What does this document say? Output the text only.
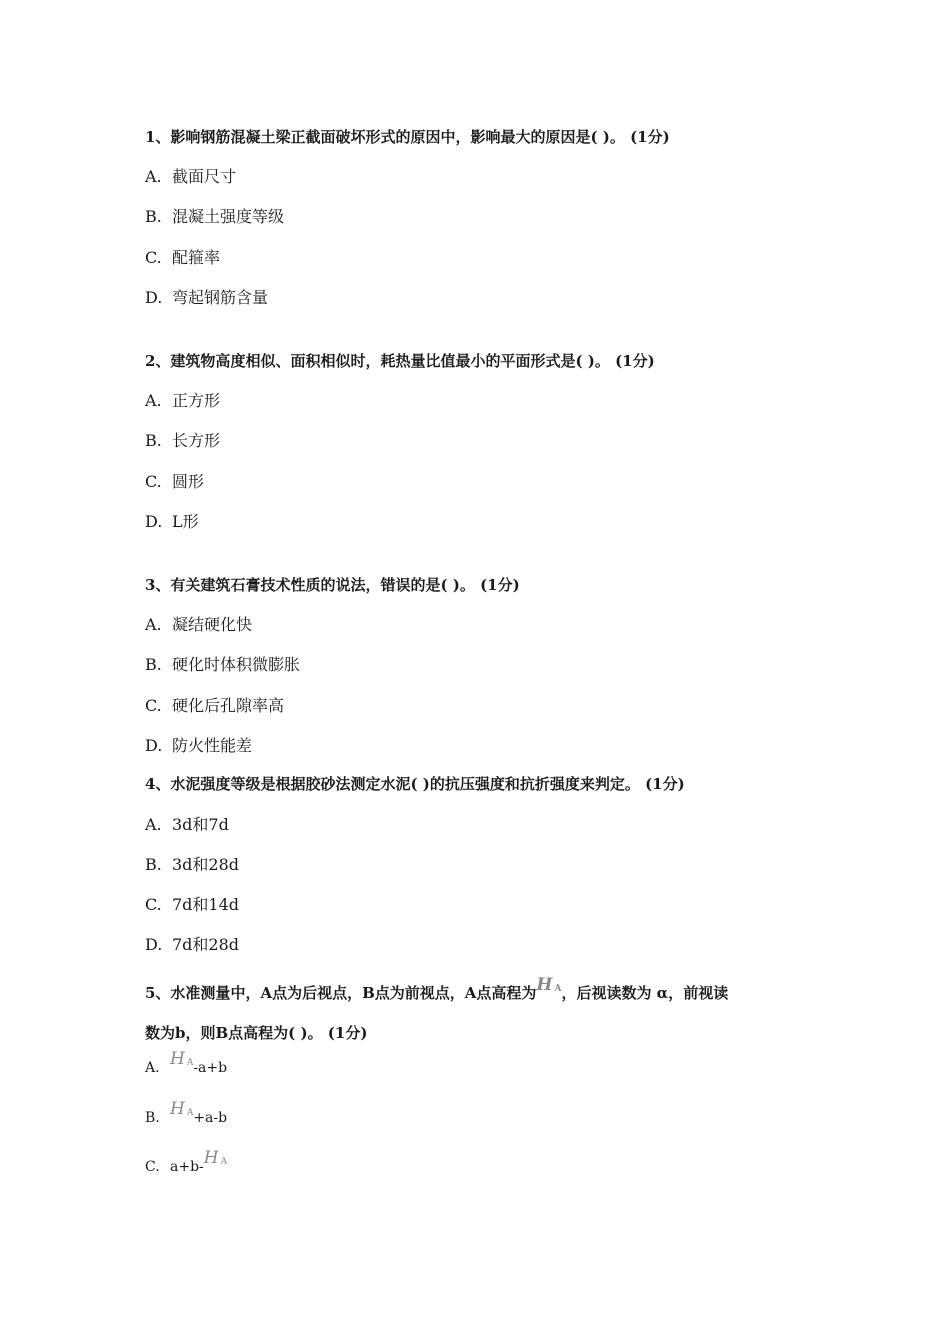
1、影响钢筋混凝土梁正截面破坏形式的原因中，影响最大的原因是( )。 (1分)
A. 截面尺寸
B. 混凝土强度等级
C. 配箍率
D. 弯起钢筋含量
2、建筑物高度相似、面积相似时，耗热量比值最小的平面形式是( )。 (1分)
A. 正方形
B. 长方形
C. 圆形
D. L形
3、有关建筑石膏技术性质的说法，错误的是( )。 (1分)
A. 凝结硬化快
B. 硬化时体积微膨胀
C. 硬化后孔隙率高
D. 防火性能差
4、水泥强度等级是根据胶砂法测定水泥( )的抗压强度和抗折强度来判定。 (1分)
A. 3d和7d
B. 3d和28d
C. 7d和14d
D. 7d和28d
5、水准测量中，A点为后视点，B点为前视点，A点高程为H A，后视读数为 α，前视读
数为b，则B点高程为( )。 (1分)
A. H A-a+b
B. H A+a-b
C. a+b-H A
